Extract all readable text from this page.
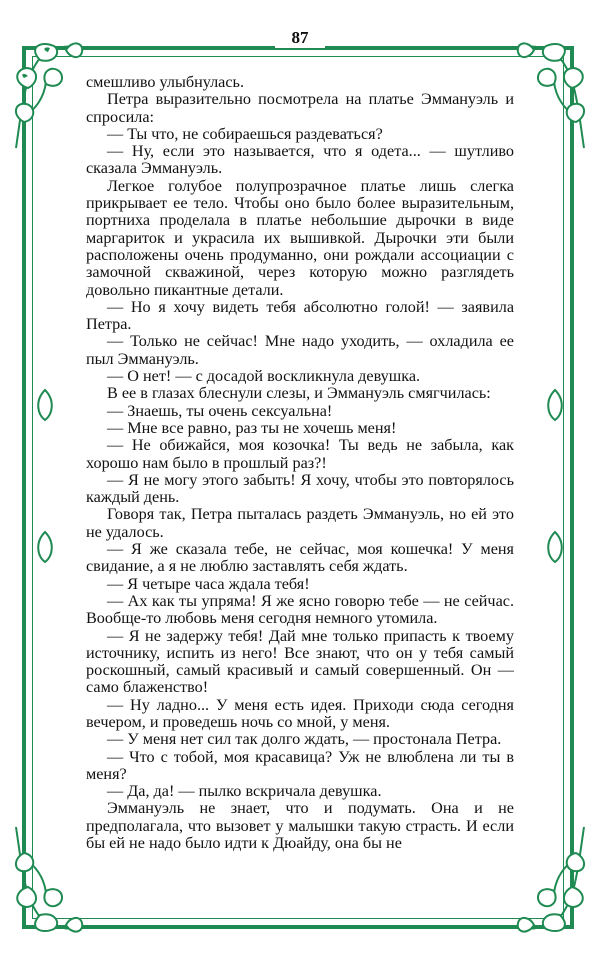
87

смешливо улыбнулась.

Петра выразительно посмотрела на платье Эммануэль и спросила:

— Ты что, не собираешься раздеваться?

— Ну, если это называется, что я одета... — шутливо сказала Эммануэль.

Легкое голубое полупрозрачное платье лишь слегка прикрывает ее тело. Чтобы оно было более выразительным, портниха проделала в платье небольшие дырочки в виде маргариток и украсила их вышивкой. Дырочки эти были расположены очень продуманно, они рождали ассоциации с замочной скважиной, через которую можно разглядеть довольно пикантные детали.

— Но я хочу видеть тебя абсолютно голой! — заявила Петра.

— Только не сейчас! Мне надо уходить, — охладила ее пыл Эммануэль.

— О нет! — с досадой воскликнула девушка.

В ее в глазах блеснули слезы, и Эммануэль смягчилась:

— Знаешь, ты очень сексуальна!

— Мне все равно, раз ты не хочешь меня!

— Не обижайся, моя козочка! Ты ведь не забыла, как хорошо нам было в прошлый раз?!

— Я не могу этого забыть! Я хочу, чтобы это повторялось каждый день.

Говоря так, Петра пыталась раздеть Эммануэль, но ей это не удалось.

— Я же сказала тебе, не сейчас, моя кошечка! У меня свидание, а я не люблю заставлять себя ждать.

— Я четыре часа ждала тебя!

— Ах как ты упряма! Я же ясно говорю тебе — не сейчас. Вообще-то любовь меня сегодня немного утомила.

— Я не задержу тебя! Дай мне только припасть к твоему источнику, испить из него! Все знают, что он у тебя самый роскошный, самый красивый и самый совершенный. Он — само блаженство!

— Ну ладно... У меня есть идея. Приходи сюда сегодня вечером, и проведешь ночь со мной, у меня.

— У меня нет сил так долго ждать, — простонала Петра.

— Что с тобой, моя красавица? Уж не влюблена ли ты в меня?

— Да, да! — пылко вскричала девушка.

Эммануэль не знает, что и подумать. Она и не предполагала, что вызовет у малышки такую страсть. И если бы ей не надо было идти к Дюайду, она бы не
